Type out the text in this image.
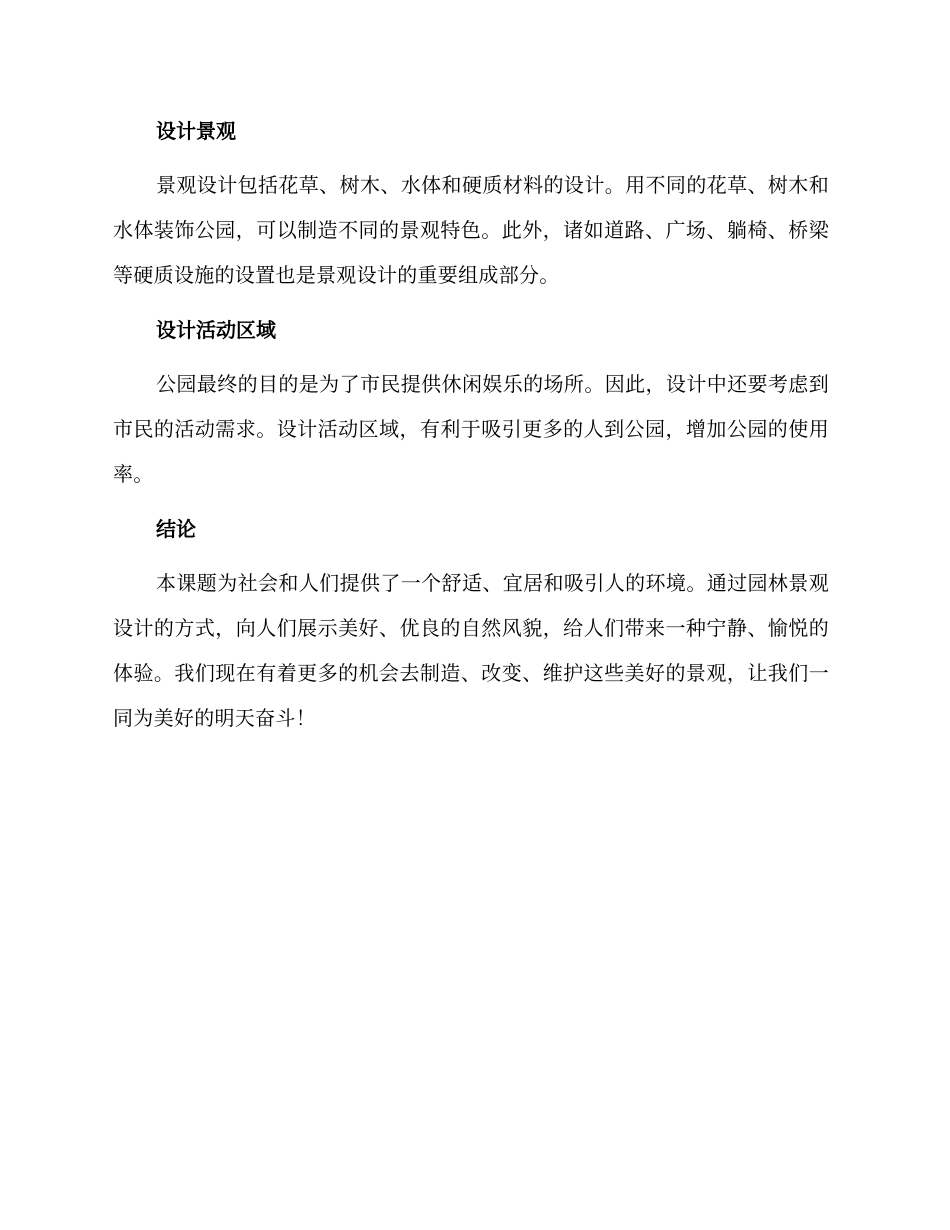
设计景观

景观设计包括花草、树木、水体和硬质材料的设计。用不同的花草、树木和水体装饰公园，可以制造不同的景观特色。此外，诸如道路、广场、躺椅、桥梁等硬质设施的设置也是景观设计的重要组成部分。

设计活动区域

公园最终的目的是为了市民提供休闲娱乐的场所。因此，设计中还要考虑到市民的活动需求。设计活动区域，有利于吸引更多的人到公园，增加公园的使用率。

结论

本课题为社会和人们提供了一个舒适、宜居和吸引人的环境。通过园林景观设计的方式，向人们展示美好、优良的自然风貌，给人们带来一种宁静、愉悦的体验。我们现在有着更多的机会去制造、改变、维护这些美好的景观，让我们一同为美好的明天奋斗！
